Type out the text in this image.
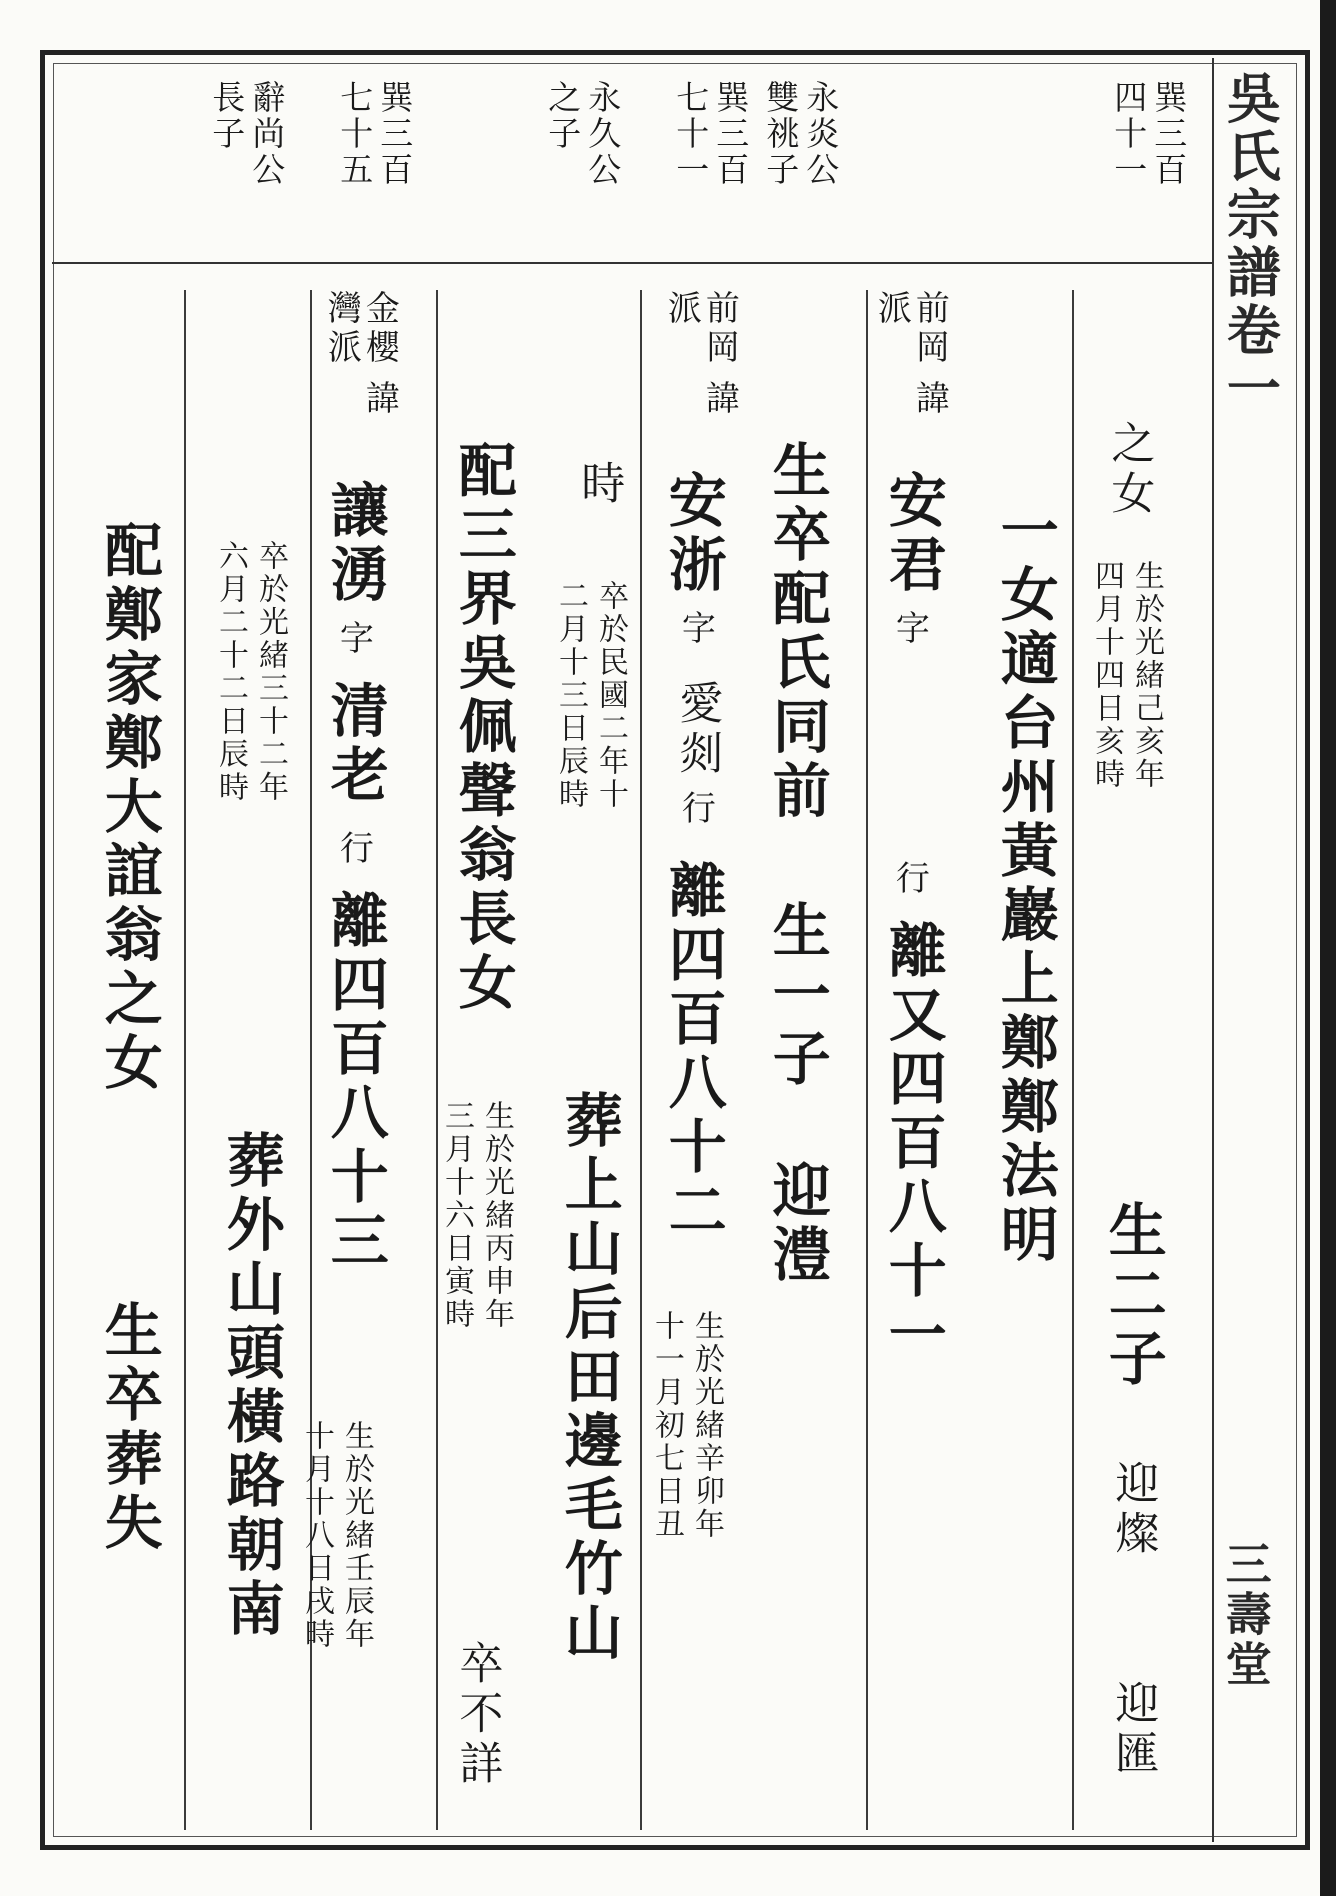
吳氏宗譜卷一
三壽堂
巽三百
四十一
永炎公
雙祧子
巽三百
七十一
永久公
之子
巽三百
七十五
辭尚公
長子
之女
生於光緒己亥年
四月十四日亥時
生二子
迎燦
迎匯
一女適台州黃巖上鄭鄭法明
前岡
派
諱
安君
字
行
離又四百八十一
生卒配氏同前
生一子
迎澧
前岡
派
諱
安浙
字
愛剡
行
離四百八十二
生於光緒辛卯年
十一月初七日丑
時
卒於民國二年十
二月十三日辰時
葬上山后田邊毛竹山
配三界吳佩聲翁長女
生於光緒丙申年
三月十六日寅時
卒不詳
金櫻
灣派
諱
讓湧
字
清老
行
離四百八十三
生於光緒壬辰年
十月十八日戌時
卒於光緒三十二年
六月二十二日辰時
葬外山頭橫路朝南
配鄭家鄭大誼翁之女
生卒葬失
